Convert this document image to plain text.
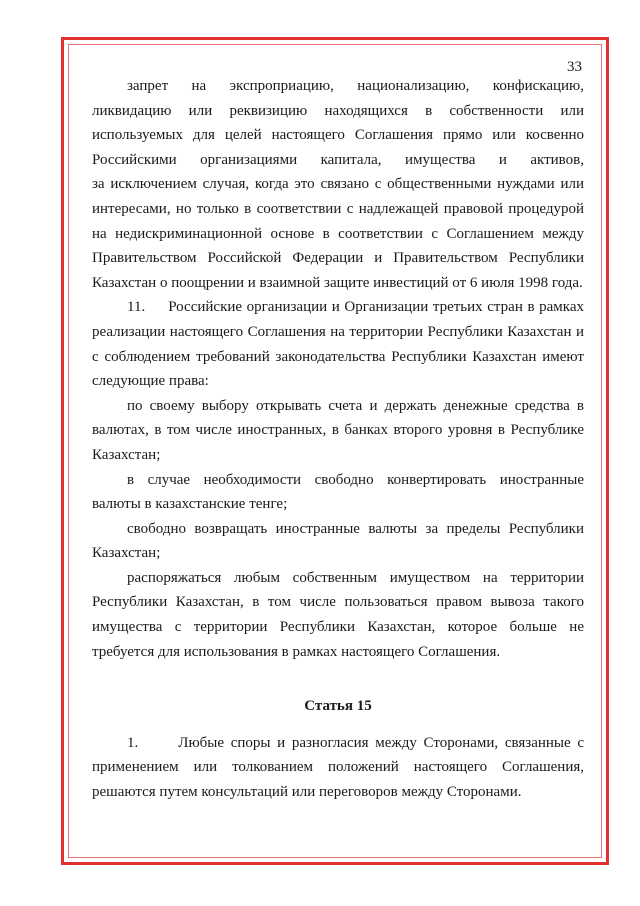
33

запрет на экспроприацию, национализацию, конфискацию,

ликвидацию или реквизицию находящихся в собственности или

используемых для целей настоящего Соглашения прямо или косвенно

Российскими организациями капитала, имущества и активов,

за исключением случая, когда это связано с общественными нуждами или

интересами, но только в соответствии с надлежащей правовой процедурой

на недискриминационной основе в соответствии с Соглашением между

Правительством Российской Федерации и Правительством Республики

Казахстан о поощрении и взаимной защите инвестиций от 6 июля 1998 года.

11. Российские организации и Организации третьих стран в рамках реализации настоящего Соглашения на территории Республики Казахстан и с соблюдением требований законодательства Республики Казахстан имеют следующие права:

по своему выбору открывать счета и держать денежные средства в валютах, в том числе иностранных, в банках второго уровня в Республике Казахстан;

в случае необходимости свободно конвертировать иностранные валюты в казахстанские тенге;

свободно возвращать иностранные валюты за пределы Республики Казахстан;

распоряжаться любым собственным имуществом на территории Республики Казахстан, в том числе пользоваться правом вывоза такого имущества с территории Республики Казахстан, которое больше не требуется для использования в рамках настоящего Соглашения.

Статья 15

1.	Любые споры и разногласия между Сторонами, связанные с применением или толкованием положений настоящего Соглашения, решаются путем консультаций или переговоров между Сторонами.
